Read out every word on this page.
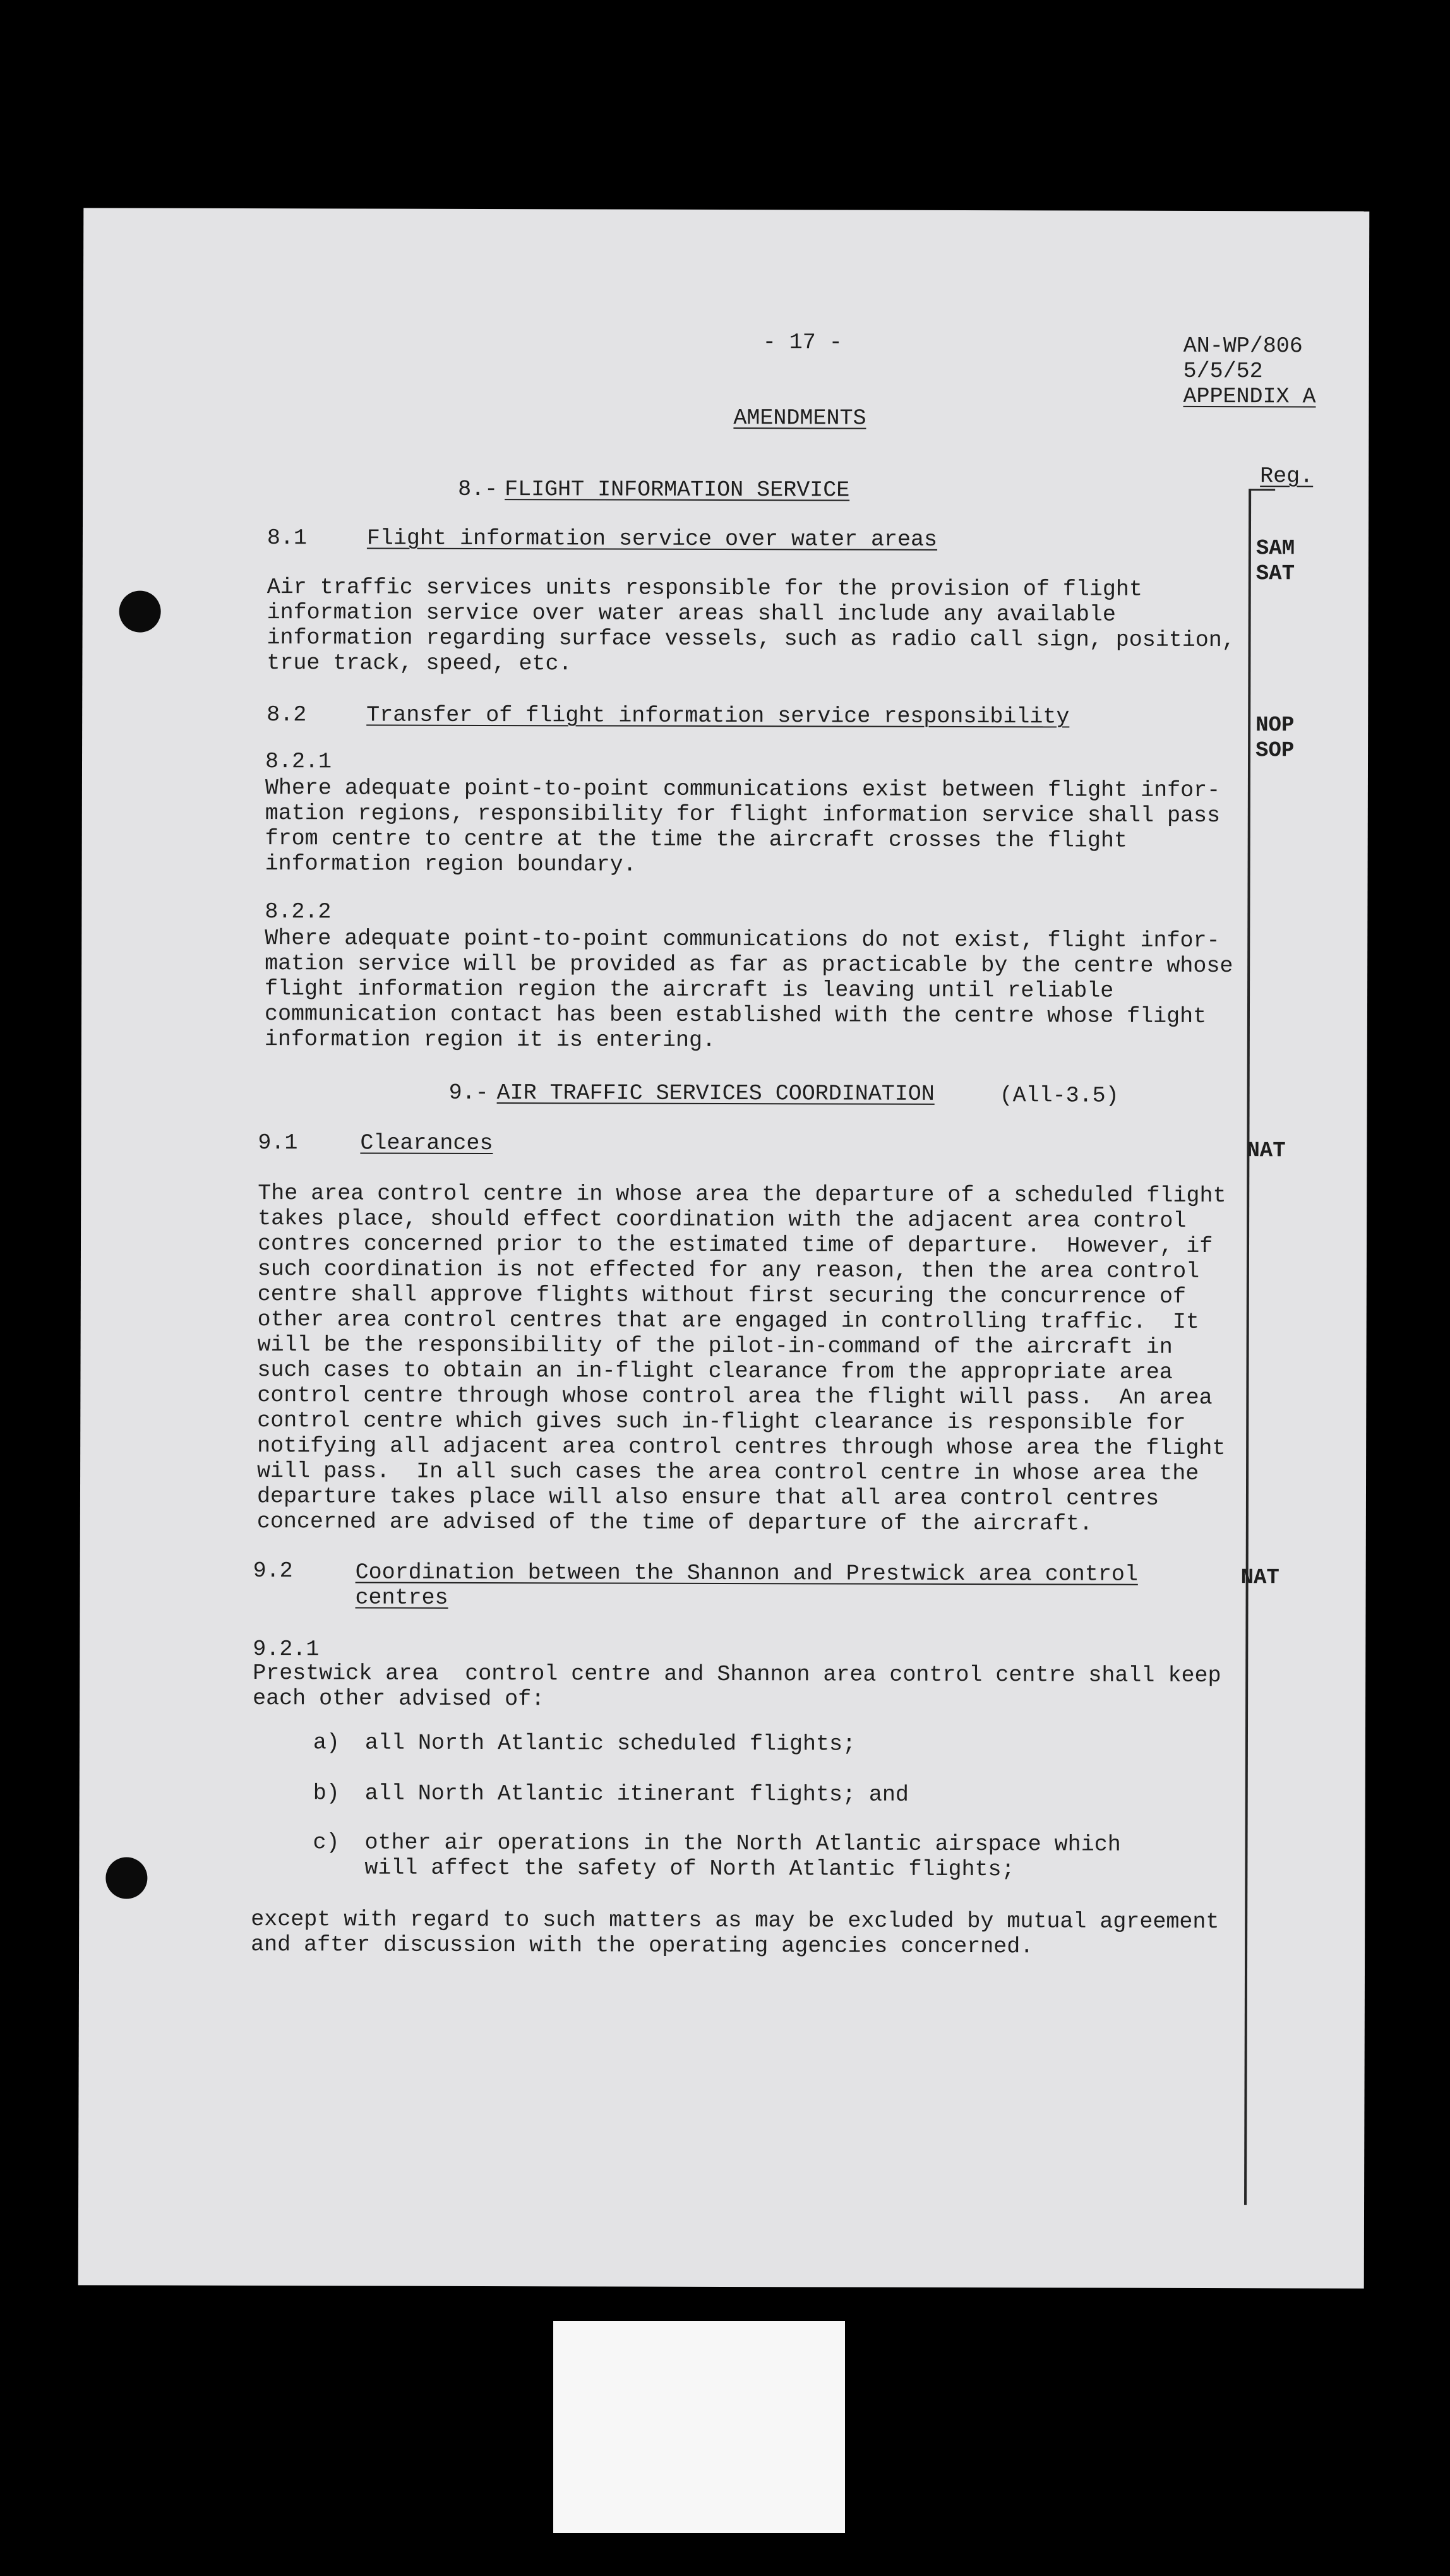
- 17 -	AN-WP/806
5/5/52
APPENDIX A
AMENDMENTS
Reg.
SAM
SAT
NOP
SOP
NAT
NAT
8.- FLIGHT INFORMATION SERVICE
8.1	Flight information service over water areas
Air traffic services units responsible for the provision of flight
information service over water areas shall include any available
information regarding surface vessels, such as radio call sign, position,
true track, speed, etc.
8.2	Transfer of flight information service responsibility
8.2.1
Where adequate point-to-point communications exist between flight infor-
mation regions, responsibility for flight information service shall pass
from centre to centre at the time the aircraft crosses the flight
information region boundary.
8.2.2
Where adequate point-to-point communications do not exist, flight infor-
mation service will be provided as far as practicable by the centre whose
flight information region the aircraft is leaving until reliable
communication contact has been established with the centre whose flight
information region it is entering.
9.- AIR TRAFFIC SERVICES COORDINATION	(All-3.5)
9.1	Clearances
The area control centre in whose area the departure of a scheduled flight
takes place, should effect coordination with the adjacent area control
contres concerned prior to the estimated time of departure.  However, if
such coordination is not effected for any reason, then the area control
centre shall approve flights without first securing the concurrence of
other area control centres that are engaged in controlling traffic.  It
will be the responsibility of the pilot-in-command of the aircraft in
such cases to obtain an in-flight clearance from the appropriate area
control centre through whose control area the flight will pass.  An area
control centre which gives such in-flight clearance is responsible for
notifying all adjacent area control centres through whose area the flight
will pass.  In all such cases the area control centre in whose area the
departure takes place will also ensure that all area control centres
concerned are advised of the time of departure of the aircraft.
9.2	Coordination between the Shannon and Prestwick area control
centres
9.2.1
Prestwick area  control centre and Shannon area control centre shall keep
each other advised of:
a) all North Atlantic scheduled flights;
b) all North Atlantic itinerant flights; and
c) other air operations in the North Atlantic airspace which
will affect the safety of North Atlantic flights;
except with regard to such matters as may be excluded by mutual agreement
and after discussion with the operating agencies concerned.
